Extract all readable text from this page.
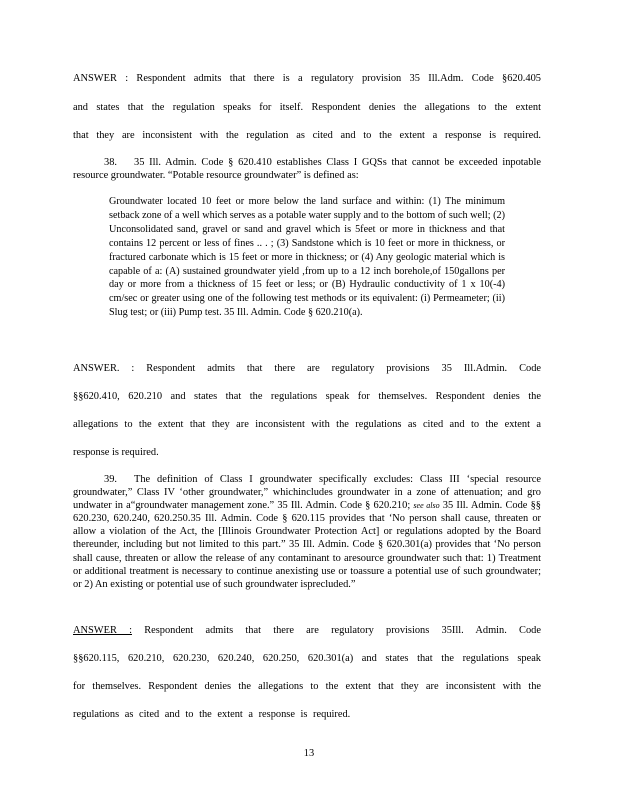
ANSWER : Respondent admits that there is a regulatory provision 35 Ill.Adm. Code §620.405
and states that the regulation speaks for itself. Respondent denies the allegations to the extent
that they are inconsistent with the regulation as cited and to the extent a response is required.
38. 35 Ill. Admin. Code § 620.410 establishes Class I GQSs that cannot be exceeded inpotable resource groundwater. “Potable resource groundwater” is defined as:
Groundwater located 10 feet or more below the land surface and within: (1) The minimum setback zone of a well which serves as a potable water supply and to the bottom of such well; (2) Unconsolidated sand, gravel or sand and gravel which is 5feet or more in thickness and that contains 12 percent or less of fines .. . ; (3) Sandstone which is 10 feet or more in thickness, or fractured carbonate which is 15 feet or more in thickness; or (4) Any geologic material which is capable of a: (A) sustained groundwater yield ,from up to a 12 inch borehole,of 150gallons per day or more from a thickness of 15 feet or less; or (B) Hydraulic conductivity of 1 x 10(-4) cm/sec or greater using one of the following test methods or its equivalent: (i) Permeameter; (ii) Slug test; or (iii) Pump test. 35 Ill. Admin. Code § 620.210(a).
ANSWER. : Respondent admits that there are regulatory provisions 35 Ill.Admin. Code
§§620.410, 620.210 and states that the regulations speak for themselves. Respondent denies the
allegations to the extent that they are inconsistent with the regulations as cited and to the extent a
response is required.
39. The definition of Class I groundwater specifically excludes: Class III ‘special resource groundwater,” Class IV ‘other groundwater,” whichincludes groundwater in a zone of attenuation; and gro undwater in a“groundwater management zone.” 35 Ill. Admin. Code § 620.210; see also 35 Ill. Admin. Code §§ 620.230, 620.240, 620.250.35 Ill. Admin. Code § 620.115 provides that ‘No person shall cause, threaten or allow a violation of the Act, the [Illinois Groundwater Protection Act] or regulations adopted by the Board thereunder, including but not limited to this part.” 35 Ill. Admin. Code § 620.301(a) provides that ‘No person shall cause, threaten or allow the release of any contaminant to aresource groundwater such that: 1) Treatment or additional treatment is necessary to continue anexisting use or toassure a potential use of such groundwater; or 2) An existing or potential use of such groundwater isprecluded.”
ANSWER : Respondent admits that there are regulatory provisions 35Ill. Admin. Code
§§620.115, 620.210, 620.230, 620.240, 620.250, 620.301(a) and states that the regulations speak
for themselves. Respondent denies the allegations to the extent that they are inconsistent with the
regulations as cited and to the extent a response is required.
13
